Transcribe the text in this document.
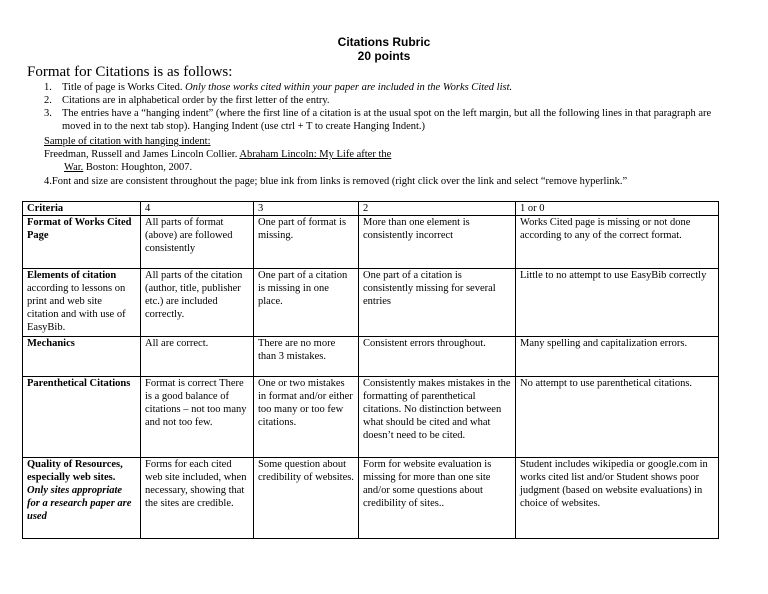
Citations Rubric
20 points
Format for Citations is as follows:
1. Title of page is Works Cited. Only those works cited within your paper are included in the Works Cited list.
2. Citations are in alphabetical order by the first letter of the entry.
3. The entries have a “hanging indent” (where the first line of a citation is at the usual spot on the left margin, but all the following lines in that paragraph are moved in to the next tab stop). Hanging Indent (use ctrl + T to create Hanging Indent.)
Sample of citation with hanging indent:
Freedman, Russell and James Lincoln Collier. Abraham Lincoln: My Life after the
War. Boston: Houghton, 2007.
4.Font and size are consistent throughout the page; blue ink from links is removed (right click over the link and select “remove hyperlink.”
Criteria	4	3	2	1 or 0
Format of Works Cited Page	All parts of format (above) are followed consistently	One part of format is missing.	More than one element is consistently incorrect	Works Cited page is missing or not done according to any of the correct format.
Elements of citation according to lessons on print and web site citation and with use of EasyBib.	All parts of the citation (author, title, publisher etc.) are included correctly.	One part of a citation is missing in one place.	One part of a citation is consistently missing for several entries	Little to no attempt to use EasyBib correctly
Mechanics	All are correct.	There are no more than 3 mistakes.	Consistent errors throughout.	Many spelling and capitalization errors.
Parenthetical Citations	Format is correct There is a good balance of citations – not too many and not too few.	One or two mistakes in format and/or either too many or too few citations.	Consistently makes mistakes in the formatting of parenthetical citations. No distinction between what should be cited and what doesn’t need to be cited.	No attempt to use parenthetical citations.
Quality of Resources, especially web sites. Only sites appropriate for a research paper are used	Forms for each cited web site included, when necessary, showing that the sites are credible.	Some question about credibility of websites.	Form for website evaluation is missing for more than one site and/or some questions about credibility of sites..	Student includes wikipedia or google.com in works cited list and/or Student shows poor judgment (based on website evaluations) in choice of websites.
